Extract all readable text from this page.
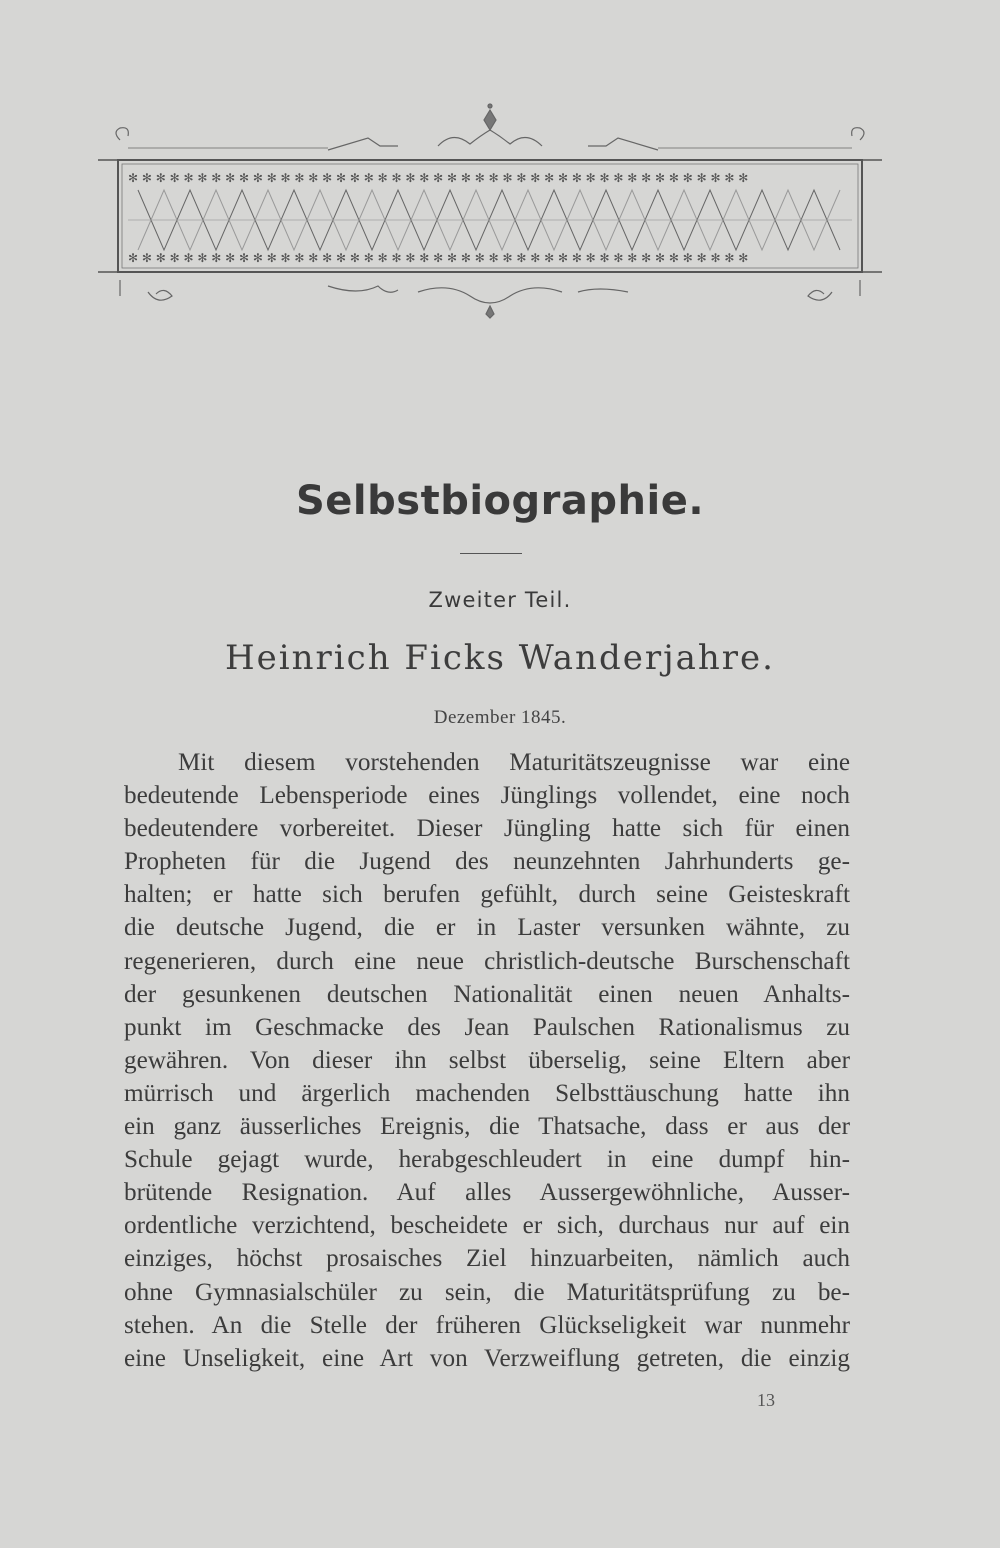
✻ ✻ ✻ ✻ ✻ ✻ ✻ ✻ ✻ ✻ ✻ ✻ ✻ ✻ ✻ ✻ ✻ ✻ ✻ ✻ ✻ ✻ ✻ ✻ ✻ ✻ ✻ ✻ ✻ ✻ ✻ ✻ ✻ ✻ ✻ ✻ ✻ ✻ ✻ ✻ ✻ ✻ ✻ ✻ ✻
✻ ✻ ✻ ✻ ✻ ✻ ✻ ✻ ✻ ✻ ✻ ✻ ✻ ✻ ✻ ✻ ✻ ✻ ✻ ✻ ✻ ✻ ✻ ✻ ✻ ✻ ✻ ✻ ✻ ✻ ✻ ✻ ✻ ✻ ✻ ✻ ✻ ✻ ✻ ✻ ✻ ✻ ✻ ✻ ✻
Selbstbiographie.
Zweiter Teil.
Heinrich Ficks Wanderjahre.
Dezember 1845.
Mit diesem vorstehenden Maturitätszeugnisse war eine
bedeutende Lebensperiode eines Jünglings vollendet, eine noch
bedeutendere vorbereitet. Dieser Jüngling hatte sich für einen
Propheten für die Jugend des neunzehnten Jahrhunderts ge-
halten; er hatte sich berufen gefühlt, durch seine Geisteskraft
die deutsche Jugend, die er in Laster versunken wähnte, zu
regenerieren, durch eine neue christlich-deutsche Burschenschaft
der gesunkenen deutschen Nationalität einen neuen Anhalts-
punkt im Geschmacke des Jean Paulschen Rationalismus zu
gewähren. Von dieser ihn selbst überselig, seine Eltern aber
mürrisch und ärgerlich machenden Selbsttäuschung hatte ihn
ein ganz äusserliches Ereignis, die Thatsache, dass er aus der
Schule gejagt wurde, herabgeschleudert in eine dumpf hin-
brütende Resignation. Auf alles Aussergewöhnliche, Ausser-
ordentliche verzichtend, bescheidete er sich, durchaus nur auf ein
einziges, höchst prosaisches Ziel hinzuarbeiten, nämlich auch
ohne Gymnasialschüler zu sein, die Maturitätsprüfung zu be-
stehen. An die Stelle der früheren Glückseligkeit war nunmehr
eine Unseligkeit, eine Art von Verzweiflung getreten, die einzig
13
